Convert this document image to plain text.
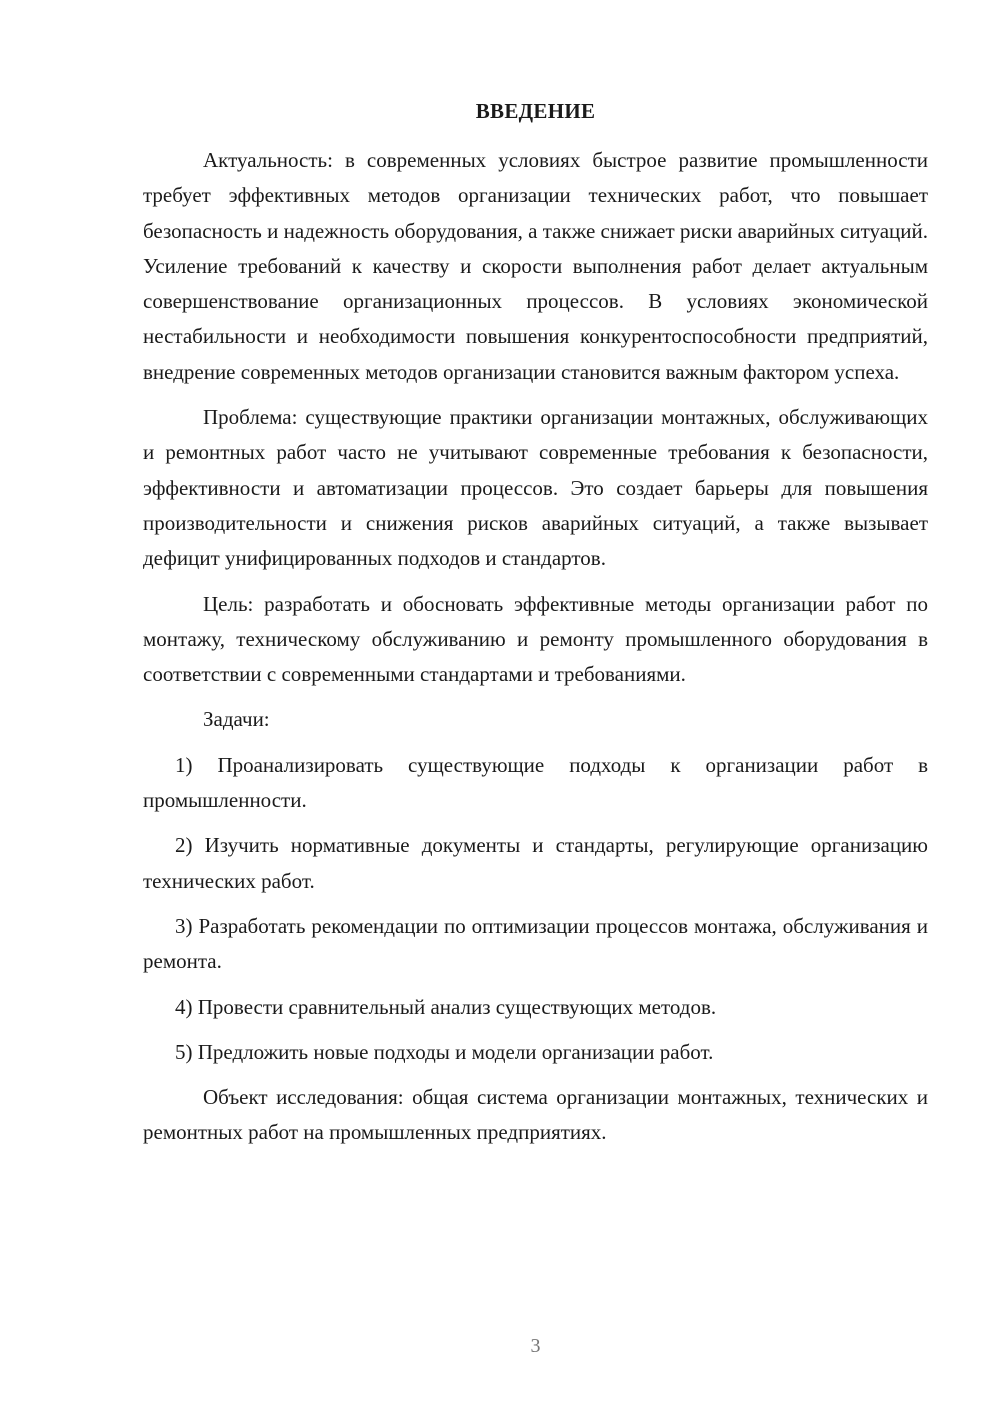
ВВЕДЕНИЕ

Актуальность: в современных условиях быстрое развитие промышленности требует эффективных методов организации технических работ, что повышает безопасность и надежность оборудования, а также снижает риски аварийных ситуаций. Усиление требований к качеству и скорости выполнения работ делает актуальным совершенствование организационных процессов. В условиях экономической нестабильности и необходимости повышения конкурентоспособности предприятий, внедрение современных методов организации становится важным фактором успеха.

Проблема: существующие практики организации монтажных, обслуживающих и ремонтных работ часто не учитывают современные требования к безопасности, эффективности и автоматизации процессов. Это создает барьеры для повышения производительности и снижения рисков аварийных ситуаций, а также вызывает дефицит унифицированных подходов и стандартов.

Цель: разработать и обосновать эффективные методы организации работ по монтажу, техническому обслуживанию и ремонту промышленного оборудования в соответствии с современными стандартами и требованиями.

Задачи:

1) Проанализировать существующие подходы к организации работ в промышленности.

2) Изучить нормативные документы и стандарты, регулирующие организацию технических работ.

3) Разработать рекомендации по оптимизации процессов монтажа, обслуживания и ремонта.

4) Провести сравнительный анализ существующих методов.

5) Предложить новые подходы и модели организации работ.

Объект исследования: общая система организации монтажных, технических и ремонтных работ на промышленных предприятиях.

3
